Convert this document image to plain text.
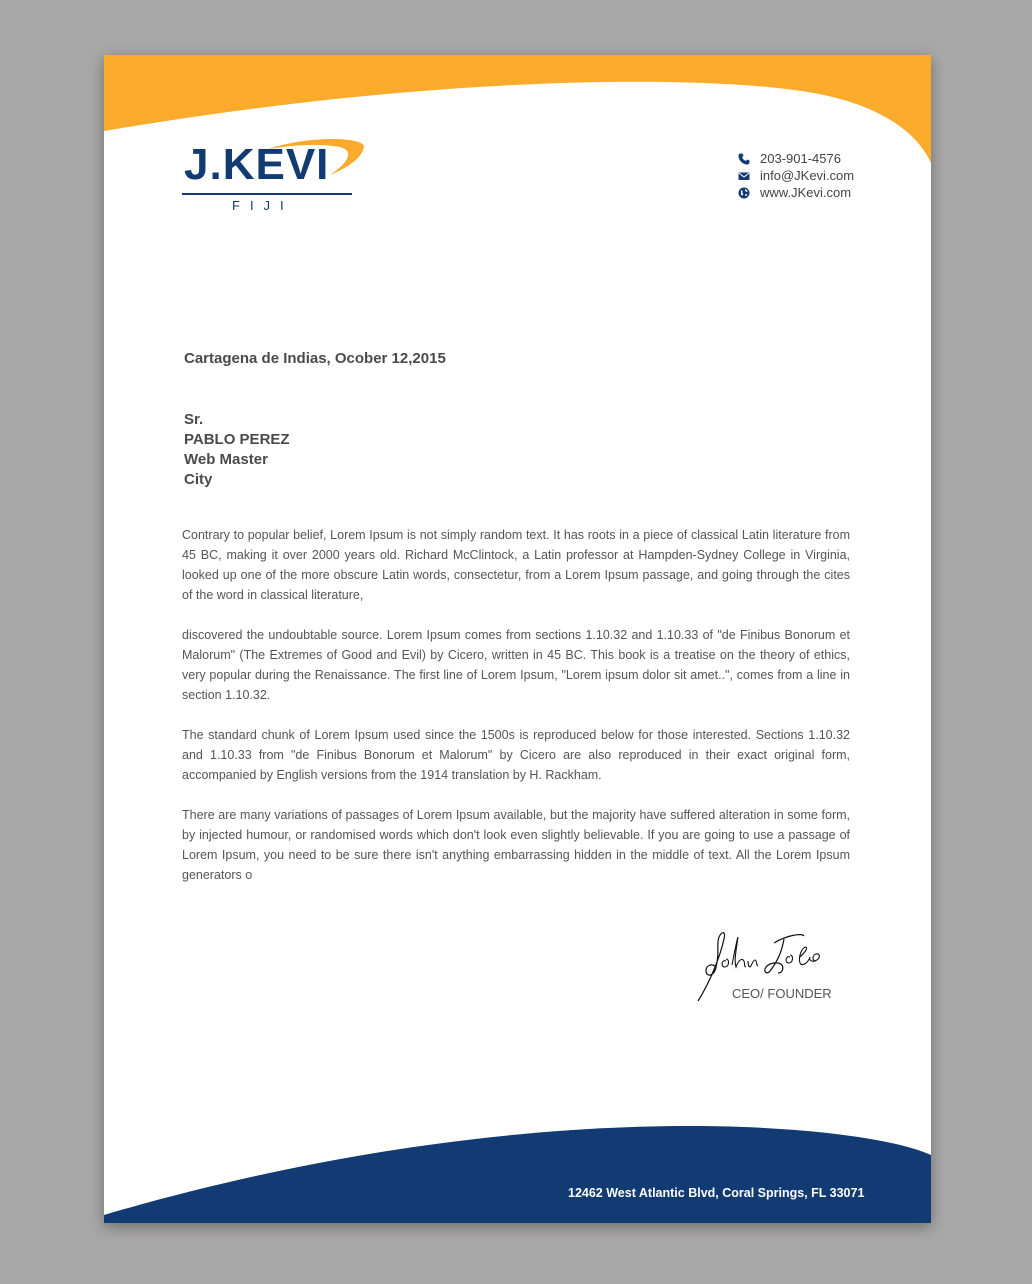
J.KEVI
FIJI
203-901-4576
info@JKevi.com
www.JKevi.com
Cartagena de Indias, Ocober 12,2015
Sr.
PABLO PEREZ
Web Master
City

Contrary to popular belief, Lorem Ipsum is not simply random text. It has roots in a piece of classical Latin literature from 45 BC, making it over 2000 years old. Richard McClintock, a Latin professor at Hampden-Sydney College in Virginia, looked up one of the more obscure Latin words, consectetur, from a Lorem Ipsum passage, and going through the cites of the word in classical literature,

discovered the undoubtable source. Lorem Ipsum comes from sections 1.10.32 and 1.10.33 of "de Finibus Bonorum et Malorum" (The Extremes of Good and Evil) by Cicero, written in 45 BC. This book is a treatise on the theory of ethics, very popular during the Renaissance. The first line of Lorem Ipsum, "Lorem ipsum dolor sit amet..", comes from a line in section 1.10.32.

The standard chunk of Lorem Ipsum used since the 1500s is reproduced below for those interested. Sections 1.10.32 and 1.10.33 from "de Finibus Bonorum et Malorum" by Cicero are also reproduced in their exact original form, accompanied by English versions from the 1914 translation by H. Rackham.

There are many variations of passages of Lorem Ipsum available, but the majority have suffered alteration in some form, by injected humour, or randomised words which don't look even slightly believable. If you are going to use a passage of Lorem Ipsum, you need to be sure there isn't anything embarrassing hidden in the middle of text. All the Lorem Ipsum generators o

CEO/ FOUNDER
12462 West Atlantic Blvd, Coral Springs, FL 33071
